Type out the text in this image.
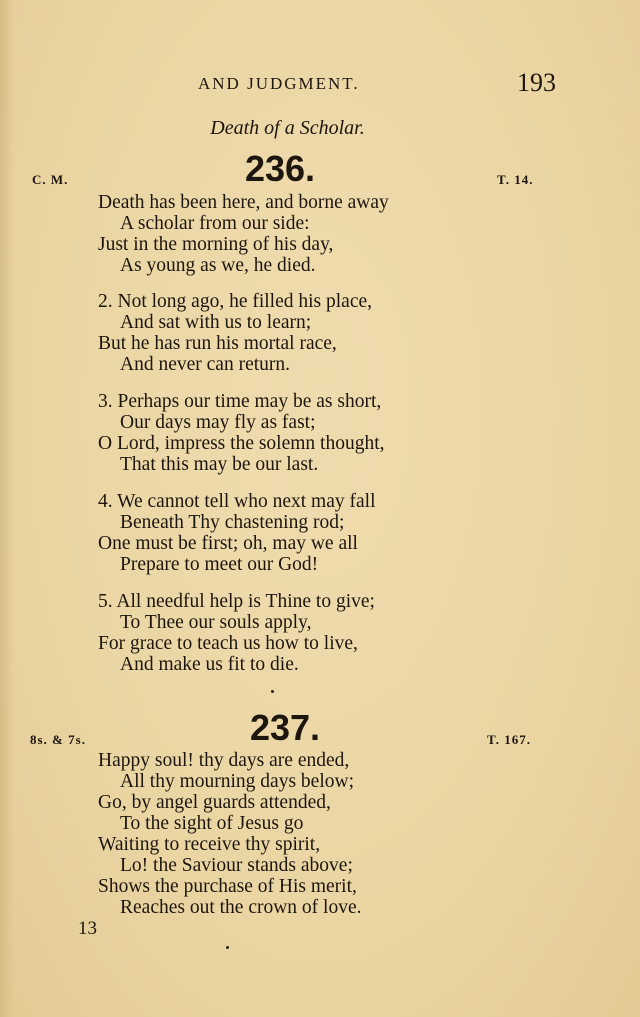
AND JUDGMENT.	193
Death of a Scholar.
C. M.	236.	T. 14.
Death has been here, and borne away
A scholar from our side:
Just in the morning of his day,
As young as we, he died.
2. Not long ago, he filled his place,
And sat with us to learn;
But he has run his mortal race,
And never can return.
3. Perhaps our time may be as short,
Our days may fly as fast;
O Lord, impress the solemn thought,
That this may be our last.
4. We cannot tell who next may fall
Beneath Thy chastening rod;
One must be first; oh, may we all
Prepare to meet our God!
5. All needful help is Thine to give;
To Thee our souls apply,
For grace to teach us how to live,
And make us fit to die.
8s. & 7s.	237.	T. 167.
Happy soul! thy days are ended,
All thy mourning days below;
Go, by angel guards attended,
To the sight of Jesus go
Waiting to receive thy spirit,
Lo! the Saviour stands above;
Shows the purchase of His merit,
Reaches out the crown of love.
13
